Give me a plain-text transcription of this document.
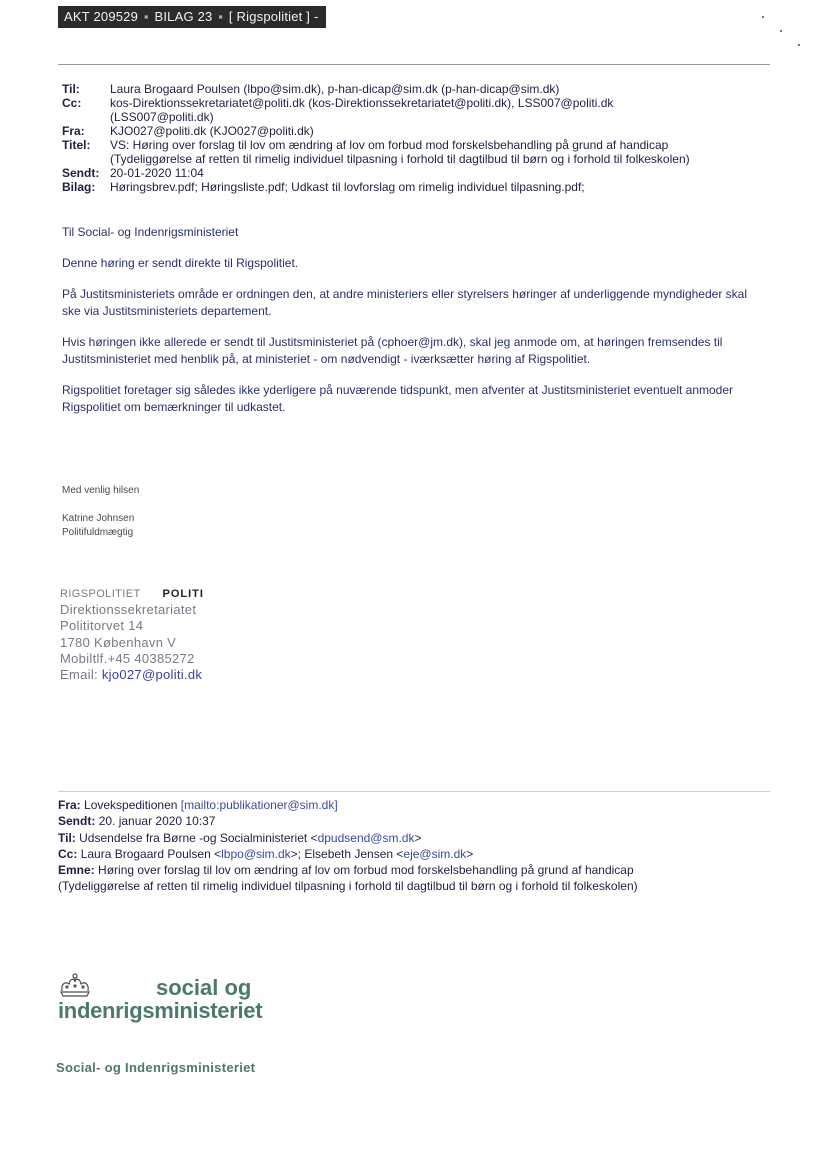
AKT 209529 ▪ BILAG 23 ▪ [ Rigspolitiet ] -
Til:	Laura Brogaard Poulsen (lbpo@sim.dk), p-han-dicap@sim.dk (p-han-dicap@sim.dk)
Cc:	kos-Direktionssekretariatet@politi.dk (kos-Direktionssekretariatet@politi.dk), LSS007@politi.dk
(LSS007@politi.dk)
Fra:	KJO027@politi.dk (KJO027@politi.dk)
Titel:	VS: Høring over forslag til lov om ændring af lov om forbud mod forskelsbehandling på grund af handicap
(Tydeliggørelse af retten til rimelig individuel tilpasning i forhold til dagtilbud til børn og i forhold til folkeskolen)
Sendt: 20-01-2020 11:04
Bilag:	Høringsbrev.pdf; Høringsliste.pdf; Udkast til lovforslag om rimelig individuel tilpasning.pdf;

Til Social- og Indenrigsministeriet

Denne høring er sendt direkte til Rigspolitiet.

På Justitsministeriets område er ordningen den, at andre ministeriers eller styrelsers høringer af underliggende myndigheder skal ske via Justitsministeriets departement.

Hvis høringen ikke allerede er sendt til Justitsministeriet på (cphoer@jm.dk), skal jeg anmode om, at høringen fremsendes til Justitsministeriet med henblik på, at ministeriet - om nødvendigt - iværksætter høring af Rigspolitiet.

Rigspolitiet foretager sig således ikke yderligere på nuværende tidspunkt, men afventer at Justitsministeriet eventuelt anmoder Rigspolitiet om bemærkninger til udkastet.

Med venlig hilsen
Katrine Johnsen
Politifuldmægtig
RIGSPOLITIET POLITI
Direktionssekretariatet
Polititorvet 14
1780 København V
Mobiltlf.+45 40385272
Email: kjo027@politi.dk
Fra: Lovekspeditionen [mailto:publikationer@sim.dk]
Sendt: 20. januar 2020 10:37
Til: Udsendelse fra Børne -og Socialministeriet <dpudsend@sm.dk>
Cc: Laura Brogaard Poulsen <lbpo@sim.dk>; Elsebeth Jensen <eje@sim.dk>
Emne: Høring over forslag til lov om ændring af lov om forbud mod forskelsbehandling på grund af handicap
(Tydeliggørelse af retten til rimelig individuel tilpasning i forhold til dagtilbud til børn og i forhold til folkeskolen)
social og
indenrigsministeriet
Social- og Indenrigsministeriet
